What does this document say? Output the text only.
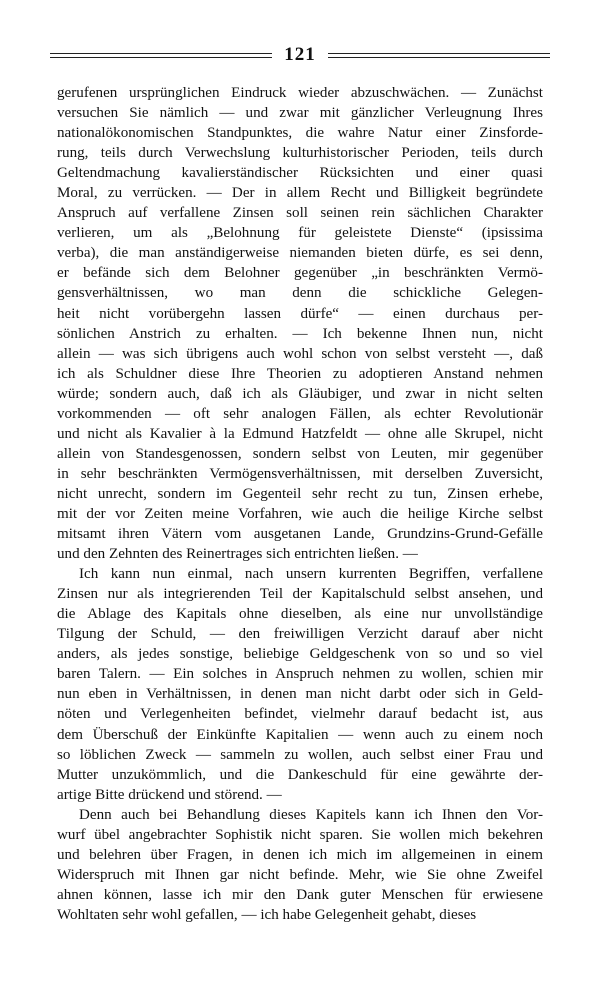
121
gerufenen ursprünglichen Eindruck wieder abzuschwächen. — Zunächst
versuchen Sie nämlich — und zwar mit gänzlicher Verleugnung Ihres
nationalökonomischen Standpunktes, die wahre Natur einer Zinsforde-
rung, teils durch Verwechslung kulturhistorischer Perioden, teils durch
Geltendmachung kavalierständischer Rücksichten und einer quasi
Moral, zu verrücken. — Der in allem Recht und Billigkeit begründete
Anspruch auf verfallene Zinsen soll seinen rein sächlichen Charakter
verlieren, um als „Belohnung für geleistete Dienste“ (ipsissima
verba), die man anständigerweise niemanden bieten dürfe, es sei denn,
er befände sich dem Belohner gegenüber „in beschränkten Vermö-
gensverhältnissen, wo man denn die schickliche Gelegen-
heit nicht vorübergehn lassen dürfe“ — einen durchaus per-
sönlichen Anstrich zu erhalten. — Ich bekenne Ihnen nun, nicht
allein — was sich übrigens auch wohl schon von selbst versteht —, daß
ich als Schuldner diese Ihre Theorien zu adoptieren Anstand nehmen
würde; sondern auch, daß ich als Gläubiger, und zwar in nicht selten
vorkommenden — oft sehr analogen Fällen, als echter Revolutionär
und nicht als Kavalier à la Edmund Hatzfeldt — ohne alle Skrupel, nicht
allein von Standesgenossen, sondern selbst von Leuten, mir gegenüber
in sehr beschränkten Vermögensverhältnissen, mit derselben Zuversicht,
nicht unrecht, sondern im Gegenteil sehr recht zu tun, Zinsen erhebe,
mit der vor Zeiten meine Vorfahren, wie auch die heilige Kirche selbst
mitsamt ihren Vätern vom ausgetanen Lande, Grundzins-Grund-Gefälle
und den Zehnten des Reinertrages sich entrichten ließen. —
Ich kann nun einmal, nach unsern kurrenten Begriffen, verfallene
Zinsen nur als integrierenden Teil der Kapitalschuld selbst ansehen, und
die Ablage des Kapitals ohne dieselben, als eine nur unvollständige
Tilgung der Schuld, — den freiwilligen Verzicht darauf aber nicht
anders, als jedes sonstige, beliebige Geldgeschenk von so und so viel
baren Talern. — Ein solches in Anspruch nehmen zu wollen, schien mir
nun eben in Verhältnissen, in denen man nicht darbt oder sich in Geld-
nöten und Verlegenheiten befindet, vielmehr darauf bedacht ist, aus
dem Überschuß der Einkünfte Kapitalien — wenn auch zu einem noch
so löblichen Zweck — sammeln zu wollen, auch selbst einer Frau und
Mutter unzukömmlich, und die Dankeschuld für eine gewährte der-
artige Bitte drückend und störend. —
Denn auch bei Behandlung dieses Kapitels kann ich Ihnen den Vor-
wurf übel angebrachter Sophistik nicht sparen. Sie wollen mich bekehren
und belehren über Fragen, in denen ich mich im allgemeinen in einem
Widerspruch mit Ihnen gar nicht befinde. Mehr, wie Sie ohne Zweifel
ahnen können, lasse ich mir den Dank guter Menschen für erwiesene
Wohltaten sehr wohl gefallen, — ich habe Gelegenheit gehabt, dieses
